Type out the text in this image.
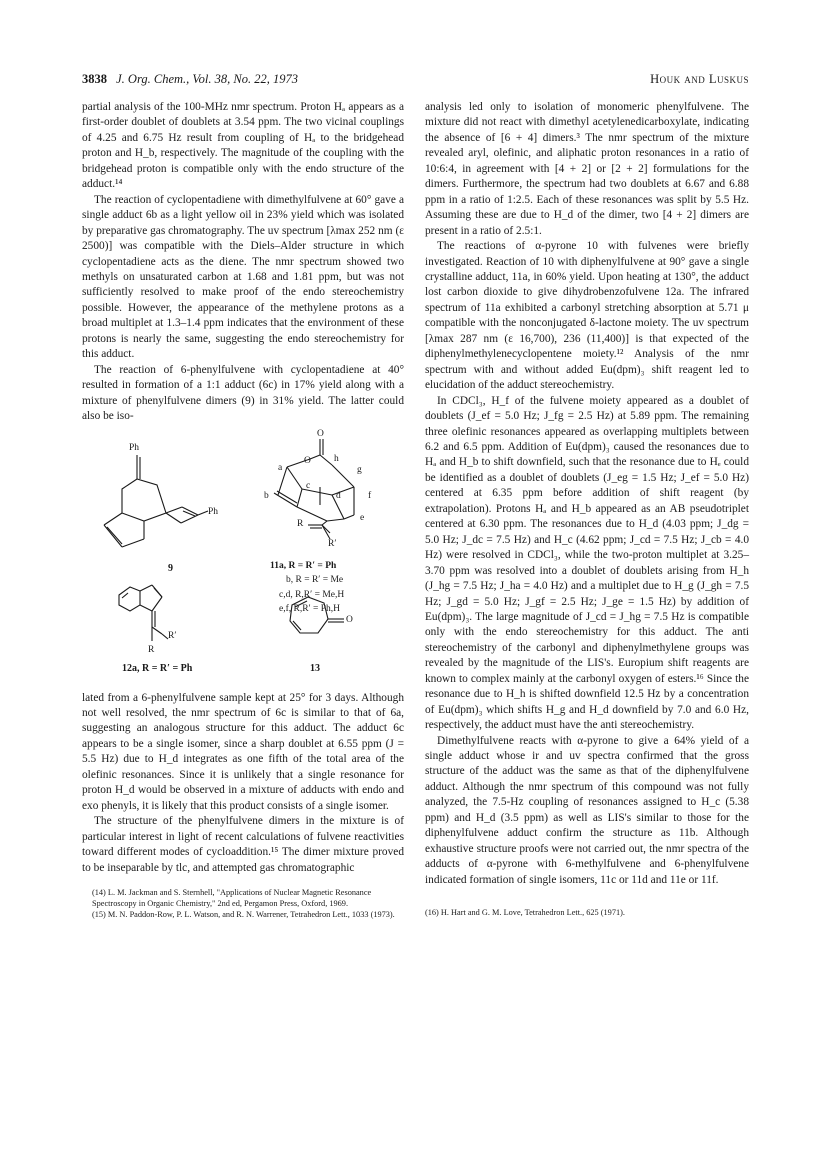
3838 J. Org. Chem., Vol. 38, No. 22, 1973	Houk and Luskus

partial analysis of the 100-MHz nmr spectrum. Proton Hₐ appears as a first-order doublet of doublets at 3.54 ppm. The two vicinal couplings of 4.25 and 6.75 Hz result from coupling of Hₐ to the bridgehead proton and H_b, respectively. The magnitude of the coupling with the bridgehead proton is compatible only with the endo structure of the adduct.¹⁴

The reaction of cyclopentadiene with dimethylfulvene at 60° gave a single adduct 6b as a light yellow oil in 23% yield which was isolated by preparative gas chromatography. The uv spectrum [λmax 252 nm (ε 2500)] was compatible with the Diels–Alder structure in which cyclopentadiene acts as the diene. The nmr spectrum showed two methyls on unsaturated carbon at 1.68 and 1.81 ppm, but was not sufficiently resolved to make proof of the endo stereochemistry possible. However, the appearance of the methylene protons as a broad multiplet at 1.3–1.4 ppm indicates that the environment of these protons is nearly the same, suggesting the endo stereochemistry for this adduct.

The reaction of 6-phenylfulvene with cyclopentadiene at 40° resulted in formation of a 1:1 adduct (6c) in 17% yield along with a mixture of phenylfulvene dimers (9) in 31% yield. The latter could also be iso-

Ph
Ph
9
O
O h
a	g
c
b	d	f
e
R
R′
11a, R = R′ = Ph
b, R = R′ = Me
c,d, R,R′ = Me,H
e,f, R,R′ = Ph,H
R′
R
12a, R = R′ = Ph
O
13

lated from a 6-phenylfulvene sample kept at 25° for 3 days. Although not well resolved, the nmr spectrum of 6c is similar to that of 6a, suggesting an analogous structure for this adduct. The adduct 6c appears to be a single isomer, since a sharp doublet at 6.55 ppm (J = 5.5 Hz) due to H_d integrates as one fifth of the total area of the olefinic resonances. Since it is unlikely that a single resonance for proton H_d would be observed in a mixture of adducts with endo and exo phenyls, it is likely that this product consists of a single isomer.

The structure of the phenylfulvene dimers in the mixture is of particular interest in light of recent calculations of fulvene reactivities toward different modes of cycloaddition.¹⁵ The dimer mixture proved to be inseparable by tlc, and attempted gas chromatographic

(14) L. M. Jackman and S. Sternhell, "Applications of Nuclear Magnetic Resonance Spectroscopy in Organic Chemistry," 2nd ed, Pergamon Press, Oxford, 1969.
(15) M. N. Paddon-Row, P. L. Watson, and R. N. Warrener, Tetrahedron Lett., 1033 (1973).

analysis led only to isolation of monomeric phenylfulvene. The mixture did not react with dimethyl acetylenedicarboxylate, indicating the absence of [6 + 4] dimers.³ The nmr spectrum of the mixture revealed aryl, olefinic, and aliphatic proton resonances in a ratio of 10:6:4, in agreement with [4 + 2] or [2 + 2] formulations for the dimers. Furthermore, the spectrum had two doublets at 6.67 and 6.88 ppm in a ratio of 1:2.5. Each of these resonances was split by 5.5 Hz. Assuming these are due to H_d of the dimer, two [4 + 2] dimers are present in a ratio of 2.5:1.

The reactions of α-pyrone 10 with fulvenes were briefly investigated. Reaction of 10 with diphenylfulvene at 90° gave a single crystalline adduct, 11a, in 60% yield. Upon heating at 130°, the adduct lost carbon dioxide to give dihydrobenzofulvene 12a. The infrared spectrum of 11a exhibited a carbonyl stretching absorption at 5.71 μ compatible with the nonconjugated δ-lactone moiety. The uv spectrum [λmax 287 nm (ε 16,700), 236 (11,400)] is that expected of the diphenylmethylenecyclopentene moiety.¹² Analysis of the nmr spectrum with and without added Eu(dpm)₃ shift reagent led to elucidation of the adduct stereochemistry.

In CDCl₃, H_f of the fulvene moiety appeared as a doublet of doublets (J_ef = 5.0 Hz; J_fg = 2.5 Hz) at 5.89 ppm. The remaining three olefinic resonances appeared as overlapping multiplets between 6.2 and 6.5 ppm. Addition of Eu(dpm)₃ caused the resonances due to Hₐ and H_b to shift downfield, such that the resonance due to Hₑ could be identified as a doublet of doublets (J_eg = 1.5 Hz; J_ef = 5.0 Hz) centered at 6.35 ppm before addition of shift reagent (by extrapolation). Protons Hₐ and H_b appeared as an AB pseudotriplet centered at 6.30 ppm. The resonances due to H_d (4.03 ppm; J_dg = 5.0 Hz; J_dc = 7.5 Hz) and H_c (4.62 ppm; J_cd = 7.5 Hz; J_cb = 4.0 Hz) were resolved in CDCl₃, while the two-proton multiplet at 3.25–3.70 ppm was resolved into a doublet of doublets arising from H_h (J_hg = 7.5 Hz; J_ha = 4.0 Hz) and a multiplet due to H_g (J_gh = 7.5 Hz; J_gd = 5.0 Hz; J_gf = 2.5 Hz; J_ge = 1.5 Hz) by addition of Eu(dpm)₃. The large magnitude of J_cd = J_hg = 7.5 Hz is compatible only with the endo stereochemistry for this adduct. The anti stereochemistry of the carbonyl and diphenylmethylene groups was revealed by the magnitude of the LIS's. Europium shift reagents are known to complex mainly at the carbonyl oxygen of esters.¹⁶ Since the resonance due to H_h is shifted downfield 12.5 Hz by a concentration of Eu(dpm)₃ which shifts H_g and H_d downfield by 7.0 and 6.0 Hz, respectively, the adduct must have the anti stereochemistry.

Dimethylfulvene reacts with α-pyrone to give a 64% yield of a single adduct whose ir and uv spectra confirmed that the gross structure of the adduct was the same as that of the diphenylfulvene adduct. Although the nmr spectrum of this compound was not fully analyzed, the 7.5-Hz coupling of resonances assigned to H_c (5.38 ppm) and H_d (3.5 ppm) as well as LIS's similar to those for the diphenylfulvene adduct confirm the structure as 11b. Although exhaustive structure proofs were not carried out, the nmr spectra of the adducts of α-pyrone with 6-methylfulvene and 6-phenylfulvene indicated formation of single isomers, 11c or 11d and 11e or 11f.

(16) H. Hart and G. M. Love, Tetrahedron Lett., 625 (1971).
